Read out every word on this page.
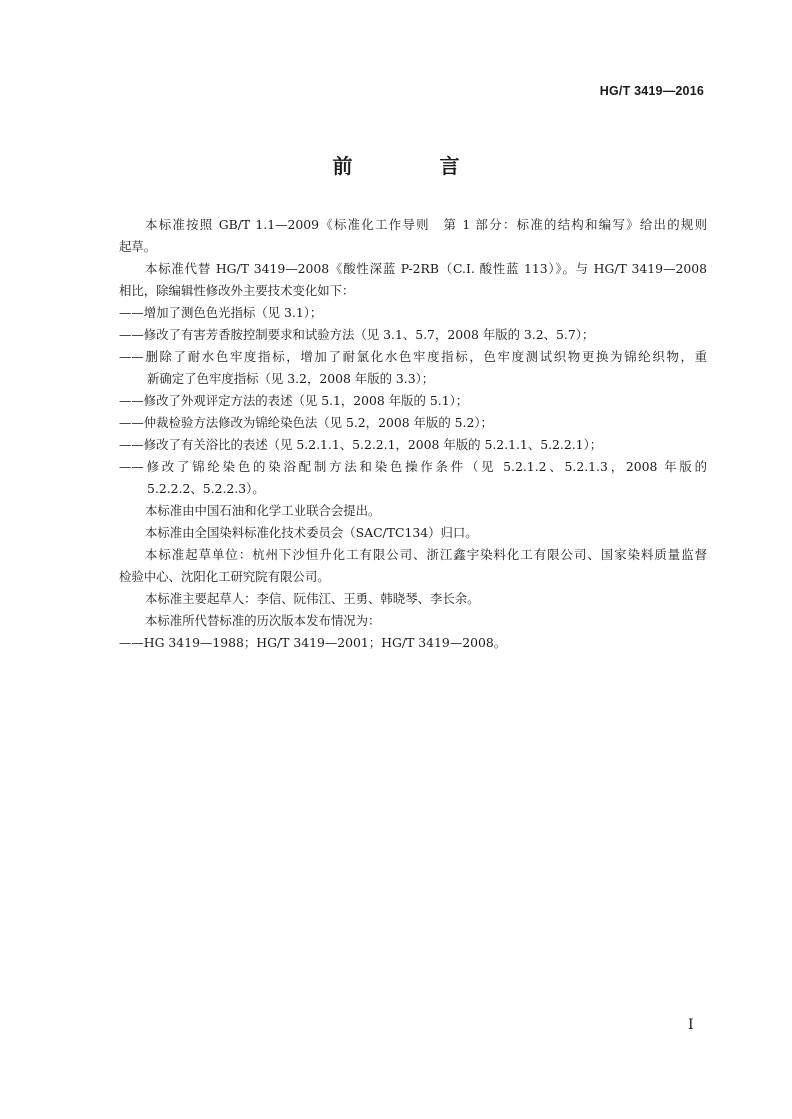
HG/T 3419—2016
前 言

本标准按照 GB/T 1.1—2009《标准化工作导则　第 1 部分：标准的结构和编写》给出的规则

起草。

本标准代替 HG/T 3419—2008《酸性深蓝 P-2RB（C.I. 酸性蓝 113）》。与 HG/T 3419—2008

相比，除编辑性修改外主要技术变化如下：

——增加了测色色光指标（见 3.1）；

——修改了有害芳香胺控制要求和试验方法（见 3.1、5.7，2008 年版的 3.2、5.7）；

——删除了耐水色牢度指标，增加了耐氯化水色牢度指标，色牢度测试织物更换为锦纶织物，重

新确定了色牢度指标（见 3.2，2008 年版的 3.3）；

——修改了外观评定方法的表述（见 5.1，2008 年版的 5.1）；

——仲裁检验方法修改为锦纶染色法（见 5.2，2008 年版的 5.2）；

——修改了有关浴比的表述（见 5.2.1.1、5.2.2.1，2008 年版的 5.2.1.1、5.2.2.1）；

——修改了锦纶染色的染浴配制方法和染色操作条件（见 5.2.1.2、5.2.1.3，2008 年版的

5.2.2.2、5.2.2.3）。

本标准由中国石油和化学工业联合会提出。

本标准由全国染料标准化技术委员会（SAC/TC134）归口。

本标准起草单位：杭州下沙恒升化工有限公司、浙江鑫宇染料化工有限公司、国家染料质量监督

检验中心、沈阳化工研究院有限公司。

本标准主要起草人：李信、阮伟江、王勇、韩晓琴、李长余。

本标准所代替标准的历次版本发布情况为：

——HG 3419—1988；HG/T 3419—2001；HG/T 3419—2008。

I
